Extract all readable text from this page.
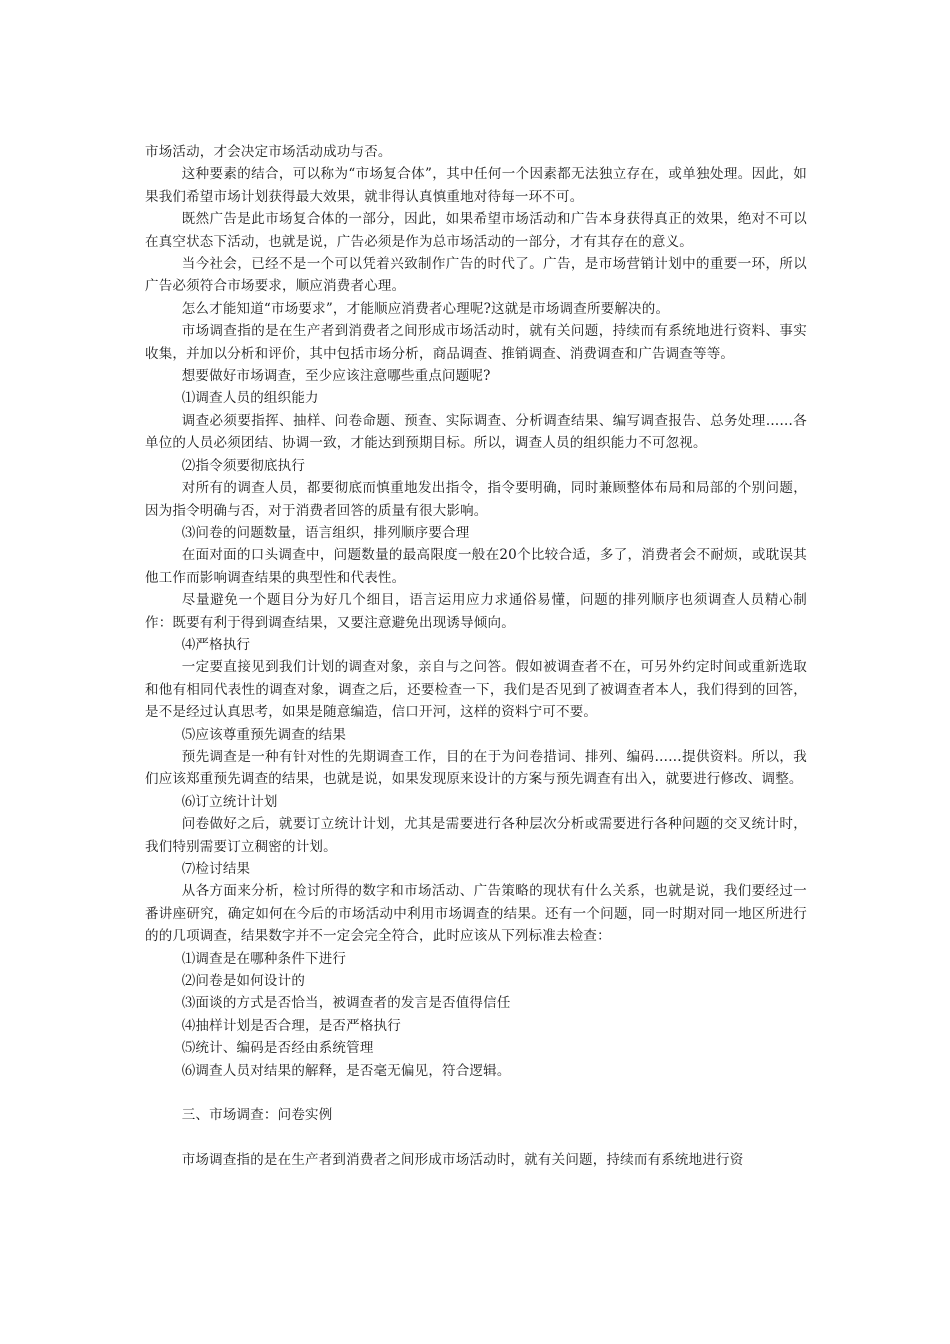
市场活动，才会决定市场活动成功与否。

这种要素的结合，可以称为“市场复合体”，其中任何一个因素都无法独立存在，或单独处理。因此，如果我们希望市场计划获得最大效果，就非得认真慎重地对待每一环不可。

既然广告是此市场复合体的一部分，因此，如果希望市场活动和广告本身获得真正的效果，绝对不可以在真空状态下活动，也就是说，广告必须是作为总市场活动的一部分，才有其存在的意义。

当今社会，已经不是一个可以凭着兴致制作广告的时代了。广告，是市场营销计划中的重要一环，所以广告必须符合市场要求，顺应消费者心理。

怎么才能知道“市场要求”，才能顺应消费者心理呢?这就是市场调查所要解决的。

市场调查指的是在生产者到消费者之间形成市场活动时，就有关问题，持续而有系统地进行资料、事实收集，并加以分析和评价，其中包括市场分析，商品调查、推销调查、消费调查和广告调查等等。

想要做好市场调查，至少应该注意哪些重点问题呢?

⑴调查人员的组织能力

调查必须要指挥、抽样、问卷命题、预查、实际调查、分析调查结果、编写调查报告、总务处理……各单位的人员必须团结、协调一致，才能达到预期目标。所以，调查人员的组织能力不可忽视。

⑵指令须要彻底执行

对所有的调查人员，都要彻底而慎重地发出指令，指令要明确，同时兼顾整体布局和局部的个别问题，因为指令明确与否，对于消费者回答的质量有很大影响。

⑶问卷的问题数量，语言组织，排列顺序要合理

在面对面的口头调查中，问题数量的最高限度一般在20个比较合适，多了，消费者会不耐烦，或耽误其他工作而影响调查结果的典型性和代表性。

尽量避免一个题目分为好几个细目，语言运用应力求通俗易懂，问题的排列顺序也须调查人员精心制作：既要有利于得到调查结果，又要注意避免出现诱导倾向。

⑷严格执行

一定要直接见到我们计划的调查对象，亲自与之问答。假如被调查者不在，可另外约定时间或重新选取和他有相同代表性的调查对象，调查之后，还要检查一下，我们是否见到了被调查者本人，我们得到的回答，是不是经过认真思考，如果是随意编造，信口开河，这样的资料宁可不要。

⑸应该尊重预先调查的结果

预先调查是一种有针对性的先期调查工作，目的在于为问卷措词、排列、编码……提供资料。所以，我们应该郑重预先调查的结果，也就是说，如果发现原来设计的方案与预先调查有出入，就要进行修改、调整。

⑹订立统计计划

问卷做好之后，就要订立统计计划，尤其是需要进行各种层次分析或需要进行各种问题的交叉统计时，我们特别需要订立稠密的计划。

⑺检讨结果

从各方面来分析，检讨所得的数字和市场活动、广告策略的现状有什么关系，也就是说，我们要经过一番讲座研究，确定如何在今后的市场活动中利用市场调查的结果。还有一个问题，同一时期对同一地区所进行的的几项调查，结果数字并不一定会完全符合，此时应该从下列标准去检查：

⑴调查是在哪种条件下进行

⑵问卷是如何设计的

⑶面谈的方式是否恰当，被调查者的发言是否值得信任

⑷抽样计划是否合理，是否严格执行

⑸统计、编码是否经由系统管理

⑹调查人员对结果的解释，是否毫无偏见，符合逻辑。

三、市场调查：问卷实例

市场调查指的是在生产者到消费者之间形成市场活动时，就有关问题，持续而有系统地进行资
